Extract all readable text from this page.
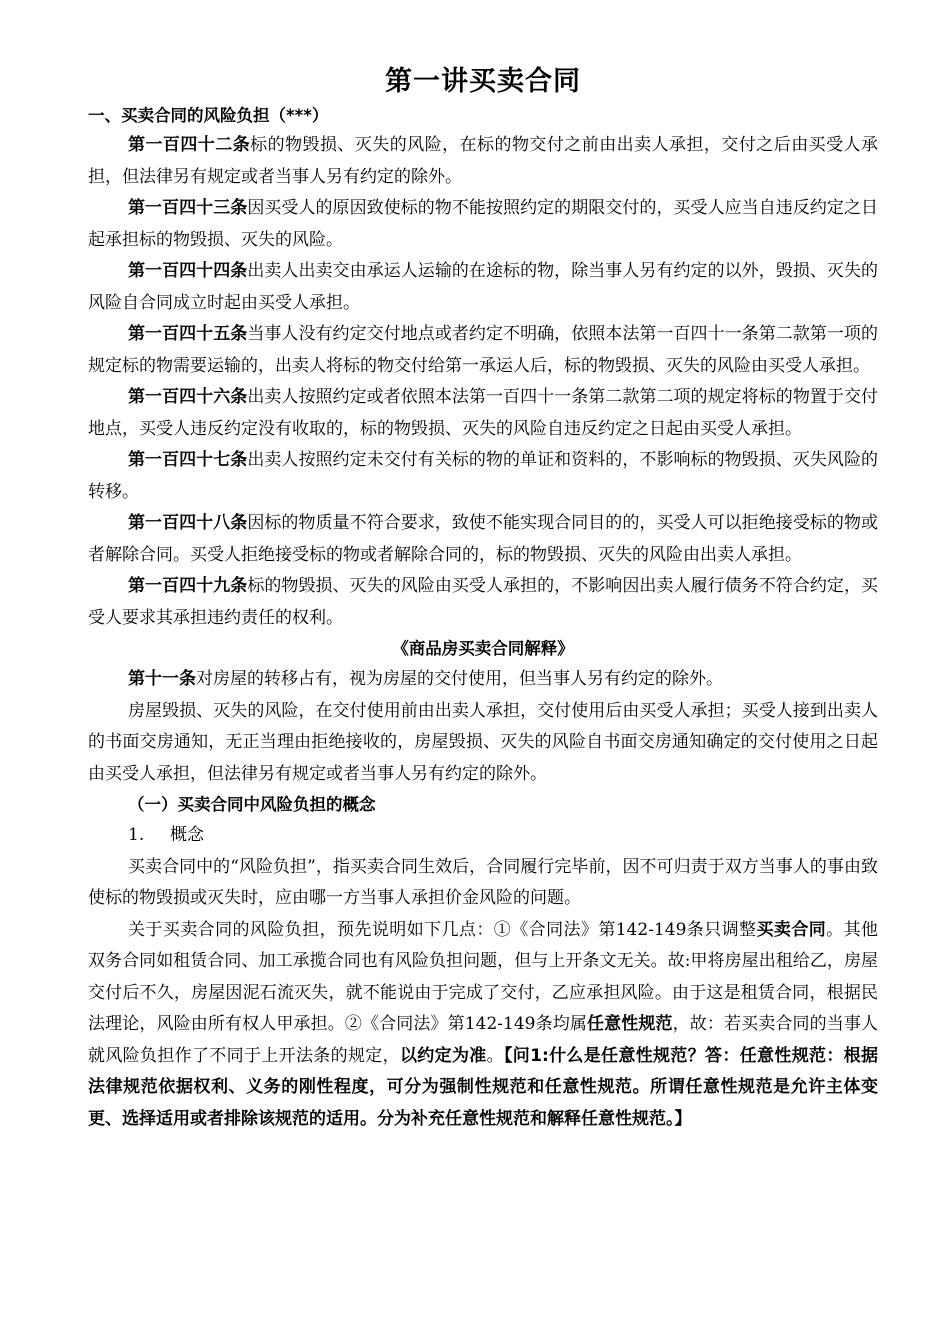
第一讲买卖合同
一、买卖合同的风险负担（***）

第一百四十二条标的物毁损、灭失的风险，在标的物交付之前由出卖人承担，交付之后由买受人承担，但法律另有规定或者当事人另有约定的除外。

第一百四十三条因买受人的原因致使标的物不能按照约定的期限交付的，买受人应当自违反约定之日起承担标的物毁损、灭失的风险。

第一百四十四条出卖人出卖交由承运人运输的在途标的物，除当事人另有约定的以外，毁损、灭失的风险自合同成立时起由买受人承担。

第一百四十五条当事人没有约定交付地点或者约定不明确，依照本法第一百四十一条第二款第一项的规定标的物需要运输的，出卖人将标的物交付给第一承运人后，标的物毁损、灭失的风险由买受人承担。

第一百四十六条出卖人按照约定或者依照本法第一百四十一条第二款第二项的规定将标的物置于交付地点，买受人违反约定没有收取的，标的物毁损、灭失的风险自违反约定之日起由买受人承担。

第一百四十七条出卖人按照约定未交付有关标的物的单证和资料的，不影响标的物毁损、灭失风险的转移。

第一百四十八条因标的物质量不符合要求，致使不能实现合同目的的，买受人可以拒绝接受标的物或者解除合同。买受人拒绝接受标的物或者解除合同的，标的物毁损、灭失的风险由出卖人承担。

第一百四十九条标的物毁损、灭失的风险由买受人承担的，不影响因出卖人履行债务不符合约定，买受人要求其承担违约责任的权利。

《商品房买卖合同解释》

第十一条对房屋的转移占有，视为房屋的交付使用，但当事人另有约定的除外。

房屋毁损、灭失的风险，在交付使用前由出卖人承担，交付使用后由买受人承担；买受人接到出卖人的书面交房通知，无正当理由拒绝接收的，房屋毁损、灭失的风险自书面交房通知确定的交付使用之日起由买受人承担，但法律另有规定或者当事人另有约定的除外。

（一）买卖合同中风险负担的概念
1. 概念

买卖合同中的“风险负担”，指买卖合同生效后，合同履行完毕前，因不可归责于双方当事人的事由致使标的物毁损或灭失时，应由哪一方当事人承担价金风险的问题。

关于买卖合同的风险负担，预先说明如下几点：①《合同法》第142-149条只调整买卖合同。其他双务合同如租赁合同、加工承揽合同也有风险负担问题，但与上开条文无关。故:甲将房屋出租给乙，房屋交付后不久，房屋因泥石流灭失，就不能说由于完成了交付，乙应承担风险。由于这是租赁合同，根据民法理论，风险由所有权人甲承担。②《合同法》第142-149条均属任意性规范，故：若买卖合同的当事人就风险负担作了不同于上开法条的规定，以约定为准。【问1:什么是任意性规范？答：任意性规范：根据法律规范依据权利、义务的刚性程度，可分为强制性规范和任意性规范。所谓任意性规范是允许主体变更、选择适用或者排除该规范的适用。分为补充任意性规范和解释任意性规范。】
